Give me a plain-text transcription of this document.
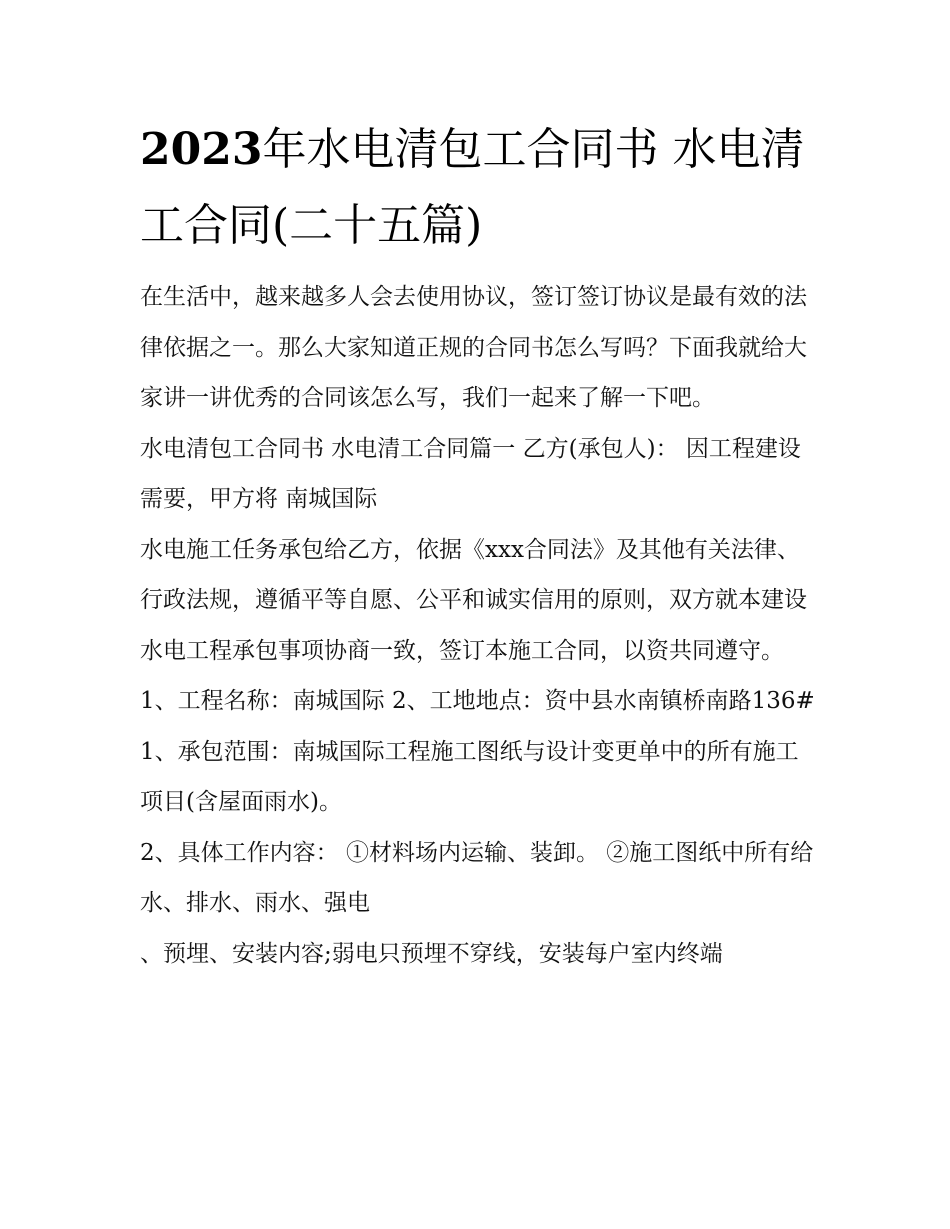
2023年水电清包工合同书 水电清工合同(二十五篇)

在生活中，越来越多人会去使用协议，签订签订协议是最有效的法律依据之一。那么大家知道正规的合同书怎么写吗？下面我就给大家讲一讲优秀的合同该怎么写，我们一起来了解一下吧。

水电清包工合同书 水电清工合同篇一 乙方(承包人)： 因工程建设需要，甲方将 南城国际

水电施工任务承包给乙方，依据《xxx合同法》及其他有关法律、行政法规，遵循平等自愿、公平和诚实信用的原则，双方就本建设水电工程承包事项协商一致，签订本施工合同，以资共同遵守。

1、工程名称：南城国际 2、工地地点：资中县水南镇桥南路136# 1、承包范围：南城国际工程施工图纸与设计变更单中的所有施工项目(含屋面雨水)。

2、具体工作内容： ①材料场内运输、装卸。 ②施工图纸中所有给水、排水、雨水、强电

、预埋、安装内容;弱电只预埋不穿线，安装每户室内终端
